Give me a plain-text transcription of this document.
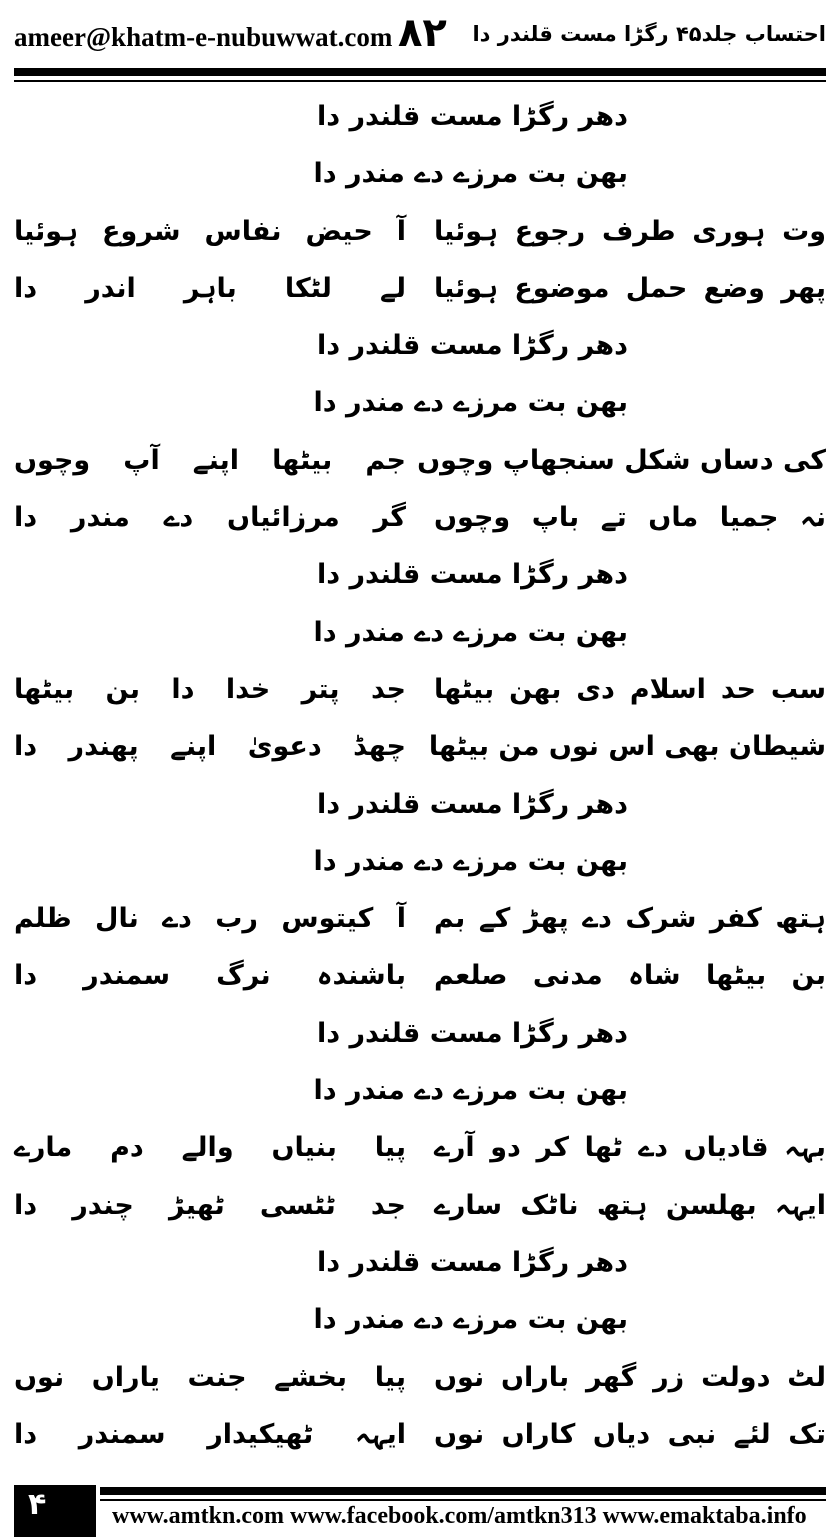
ameer@khatm-e-nubuwwat.com ۸۲ احتساب جلد۴۵ رگڑا مست قلندر دا
دھر رگڑا مست قلندر دا
بھن بت مرزے دے مندر دا
وت ہوری طرف رجوع ہوئیا
آ حیض نفاس شروع ہوئیا
پھر وضع حمل موضوع ہوئیا
لے لٹکا باہر اندر دا
دھر رگڑا مست قلندر دا
بھن بت مرزے دے مندر دا
کی دساں شکل سنجھاپ وچوں
جم بیٹھا اپنے آپ وچوں
نہ جمیا ماں تے باپ وچوں
گر مرزائیاں دے مندر دا
دھر رگڑا مست قلندر دا
بھن بت مرزے دے مندر دا
سب حد اسلام دی بھن بیٹھا
جد پتر خدا دا بن بیٹھا
شیطان بھی اس نوں من بیٹھا
چھڈ دعویٰ اپنے پھندر دا
دھر رگڑا مست قلندر دا
بھن بت مرزے دے مندر دا
ہتھ کفر شرک دے پھڑ کے بم
آ کیتوس رب دے نال ظلم
بن بیٹھا شاہ مدنی صلعم
باشندہ نرگ سمندر دا
دھر رگڑا مست قلندر دا
بھن بت مرزے دے مندر دا
بہہ قادیاں دے ٹھا کر دو آرے
پیا بنیاں والے دم مارے
ایہہ بھلسن ہتھ ناٹک سارے
جد ٹٹسی ٹھیڑ چندر دا
دھر رگڑا مست قلندر دا
بھن بت مرزے دے مندر دا
لٹ دولت زر گھر باراں نوں
پیا بخشے جنت یاراں نوں
تک لئے نبی دیاں کاراں نوں
ایہہ ٹھیکیدار سمندر دا
۴	www.amtkn.com www.facebook.com/amtkn313 www.emaktaba.info
